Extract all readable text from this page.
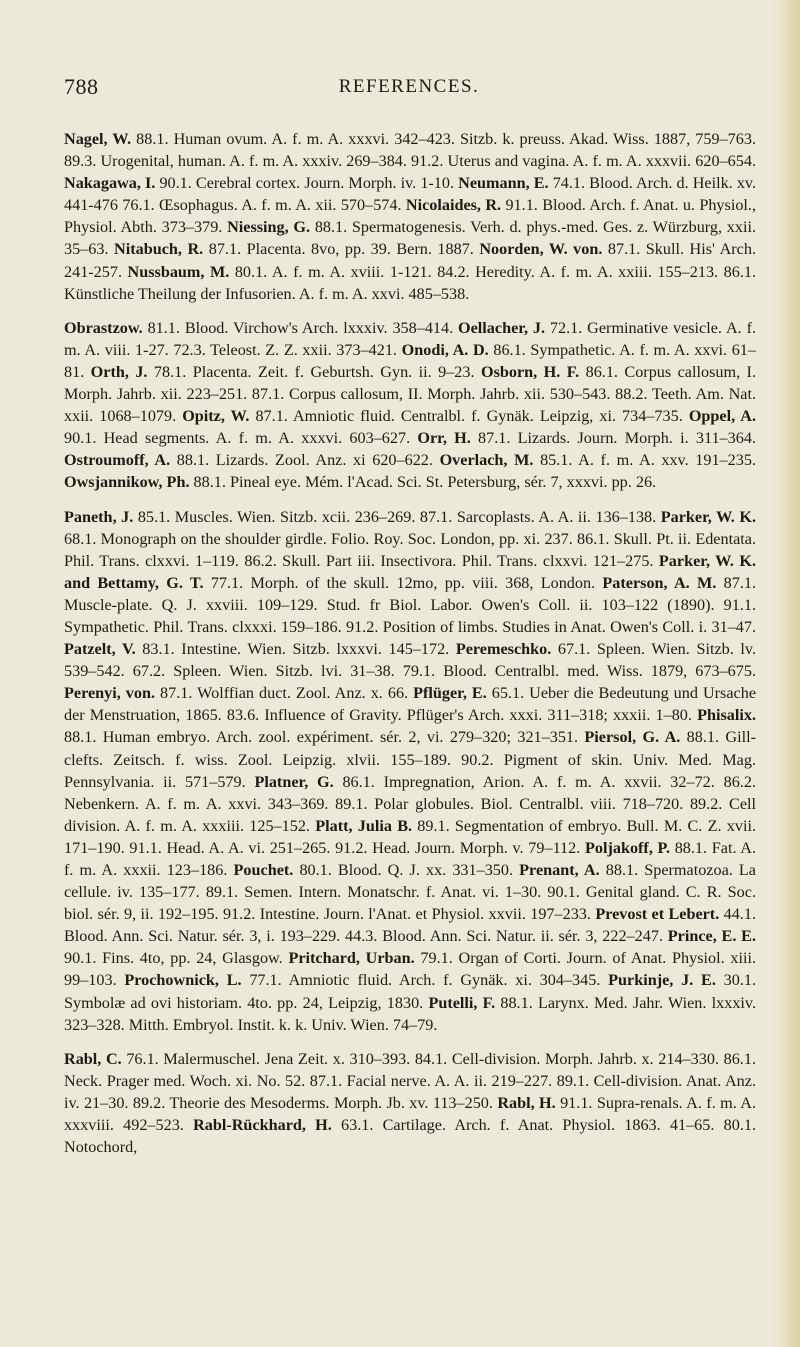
788	REFERENCES.

Nagel, W. 88.1. Human ovum. A. f. m. A. xxxvi. 342–423. Sitzb. k. preuss. Akad. Wiss. 1887, 759–763. 89.3. Urogenital, human. A. f. m. A. xxxiv. 269–384. 91.2. Uterus and vagina. A. f. m. A. xxxvii. 620–654. Nakagawa, I. 90.1. Cerebral cortex. Journ. Morph. iv. 1-10. Neumann, E. 74.1. Blood. Arch. d. Heilk. xv. 441-476 76.1. Œsophagus. A. f. m. A. xii. 570–574. Nicolaides, R. 91.1. Blood. Arch. f. Anat. u. Physiol., Physiol. Abth. 373–379. Niessing, G. 88.1. Spermatogenesis. Verh. d. phys.-med. Ges. z. Würzburg, xxii. 35–63. Nitabuch, R. 87.1. Placenta. 8vo, pp. 39. Bern. 1887. Noorden, W. von. 87.1. Skull. His' Arch. 241-257. Nussbaum, M. 80.1. A. f. m. A. xviii. 1-121. 84.2. Heredity. A. f. m. A. xxiii. 155–213. 86.1. Künstliche Theilung der Infusorien. A. f. m. A. xxvi. 485–538.

Obrastzow. 81.1. Blood. Virchow's Arch. lxxxiv. 358–414. Oellacher, J. 72.1. Germinative vesicle. A. f. m. A. viii. 1-27. 72.3. Teleost. Z. Z. xxii. 373–421. Onodi, A. D. 86.1. Sympathetic. A. f. m. A. xxvi. 61–81. Orth, J. 78.1. Placenta. Zeit. f. Geburtsh. Gyn. ii. 9–23. Osborn, H. F. 86.1. Corpus callosum, I. Morph. Jahrb. xii. 223–251. 87.1. Corpus callosum, II. Morph. Jahrb. xii. 530–543. 88.2. Teeth. Am. Nat. xxii. 1068–1079. Opitz, W. 87.1. Amniotic fluid. Centralbl. f. Gynäk. Leipzig, xi. 734–735. Oppel, A. 90.1. Head segments. A. f. m. A. xxxvi. 603–627. Orr, H. 87.1. Lizards. Journ. Morph. i. 311–364. Ostroumoff, A. 88.1. Lizards. Zool. Anz. xi 620–622. Overlach, M. 85.1. A. f. m. A. xxv. 191–235. Owsjannikow, Ph. 88.1. Pineal eye. Mém. l'Acad. Sci. St. Petersburg, sér. 7, xxxvi. pp. 26.

Paneth, J. 85.1. Muscles. Wien. Sitzb. xcii. 236–269. 87.1. Sarcoplasts. A. A. ii. 136–138. Parker, W. K. 68.1. Monograph on the shoulder girdle. Folio. Roy. Soc. London, pp. xi. 237. 86.1. Skull. Pt. ii. Edentata. Phil. Trans. clxxvi. 1–119. 86.2. Skull. Part iii. Insectivora. Phil. Trans. clxxvi. 121–275. Parker, W. K. and Bettamy, G. T. 77.1. Morph. of the skull. 12mo, pp. viii. 368, London. Paterson, A. M. 87.1. Muscle-plate. Q. J. xxviii. 109–129. Stud. fr Biol. Labor. Owen's Coll. ii. 103–122 (1890). 91.1. Sympathetic. Phil. Trans. clxxxi. 159–186. 91.2. Position of limbs. Studies in Anat. Owen's Coll. i. 31–47. Patzelt, V. 83.1. Intestine. Wien. Sitzb. lxxxvi. 145–172. Peremeschko. 67.1. Spleen. Wien. Sitzb. lv. 539–542. 67.2. Spleen. Wien. Sitzb. lvi. 31–38. 79.1. Blood. Centralbl. med. Wiss. 1879, 673–675. Perenyi, von. 87.1. Wolffian duct. Zool. Anz. x. 66. Pflüger, E. 65.1. Ueber die Bedeutung und Ursache der Menstruation, 1865. 83.6. Influence of Gravity. Pflüger's Arch. xxxi. 311–318; xxxii. 1–80. Phisalix. 88.1. Human embryo. Arch. zool. expériment. sér. 2, vi. 279–320; 321–351. Piersol, G. A. 88.1. Gill-clefts. Zeitsch. f. wiss. Zool. Leipzig. xlvii. 155–189. 90.2. Pigment of skin. Univ. Med. Mag. Pennsylvania. ii. 571–579. Platner, G. 86.1. Impregnation, Arion. A. f. m. A. xxvii. 32–72. 86.2. Nebenkern. A. f. m. A. xxvi. 343–369. 89.1. Polar globules. Biol. Centralbl. viii. 718–720. 89.2. Cell division. A. f. m. A. xxxiii. 125–152. Platt, Julia B. 89.1. Segmentation of embryo. Bull. M. C. Z. xvii. 171–190. 91.1. Head. A. A. vi. 251–265. 91.2. Head. Journ. Morph. v. 79–112. Poljakoff, P. 88.1. Fat. A. f. m. A. xxxii. 123–186. Pouchet. 80.1. Blood. Q. J. xx. 331–350. Prenant, A. 88.1. Spermatozoa. La cellule. iv. 135–177. 89.1. Semen. Intern. Monatschr. f. Anat. vi. 1–30. 90.1. Genital gland. C. R. Soc. biol. sér. 9, ii. 192–195. 91.2. Intestine. Journ. l'Anat. et Physiol. xxvii. 197–233. Prevost et Lebert. 44.1. Blood. Ann. Sci. Natur. sér. 3, i. 193–229. 44.3. Blood. Ann. Sci. Natur. ii. sér. 3, 222–247. Prince, E. E. 90.1. Fins. 4to, pp. 24, Glasgow. Pritchard, Urban. 79.1. Organ of Corti. Journ. of Anat. Physiol. xiii. 99–103. Prochownick, L. 77.1. Amniotic fluid. Arch. f. Gynäk. xi. 304–345. Purkinje, J. E. 30.1. Symbolæ ad ovi historiam. 4to. pp. 24, Leipzig, 1830. Putelli, F. 88.1. Larynx. Med. Jahr. Wien. lxxxiv. 323–328. Mitth. Embryol. Instit. k. k. Univ. Wien. 74–79.

Rabl, C. 76.1. Malermuschel. Jena Zeit. x. 310–393. 84.1. Cell-division. Morph. Jahrb. x. 214–330. 86.1. Neck. Prager med. Woch. xi. No. 52. 87.1. Facial nerve. A. A. ii. 219–227. 89.1. Cell-division. Anat. Anz. iv. 21–30. 89.2. Theorie des Mesoderms. Morph. Jb. xv. 113–250. Rabl, H. 91.1. Supra-renals. A. f. m. A. xxxviii. 492–523. Rabl-Rückhard, H. 63.1. Cartilage. Arch. f. Anat. Physiol. 1863. 41–65. 80.1. Notochord,
